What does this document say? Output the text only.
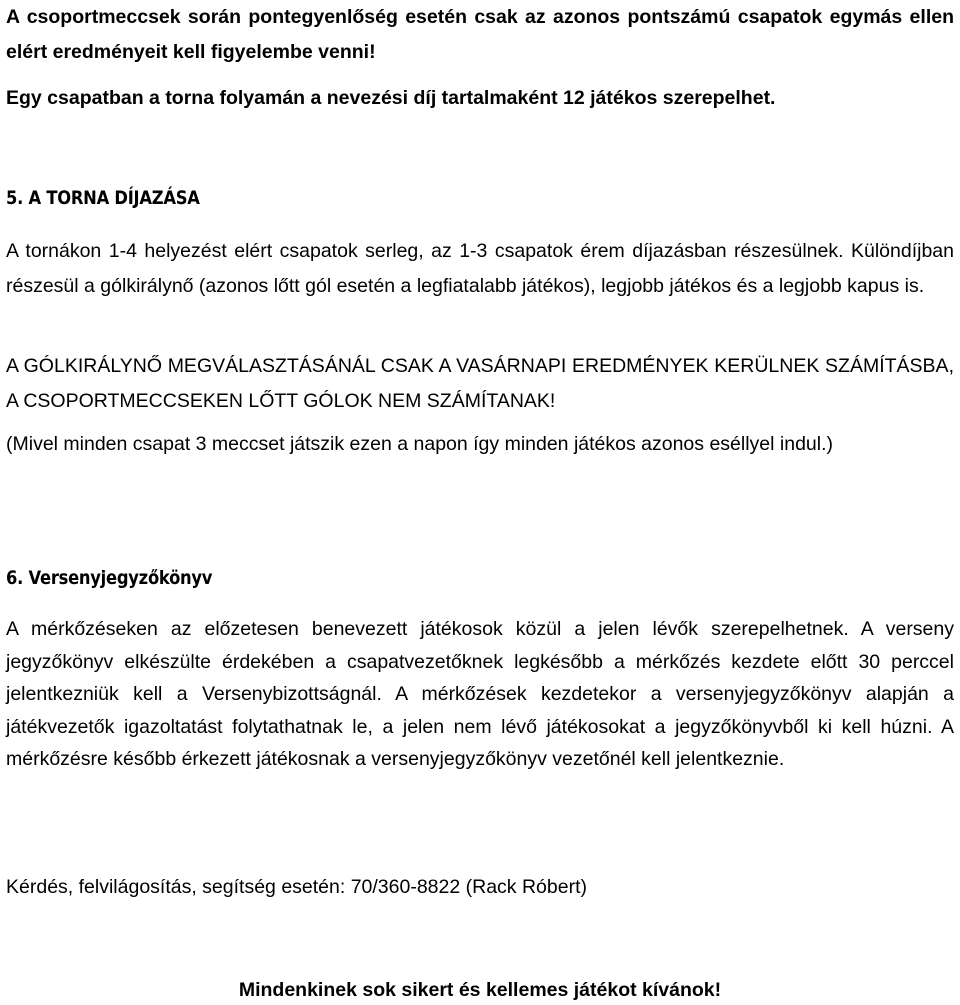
A csoportmeccsek során pontegyenlőség esetén csak az azonos pontszámú csapatok egymás ellen elért eredményeit kell figyelembe venni!

Egy csapatban a torna folyamán a nevezési díj tartalmaként 12 játékos szerepelhet.

5. A TORNA DÍJAZÁSA

A tornákon 1-4 helyezést elért csapatok serleg, az 1-3 csapatok érem díjazásban részesülnek. Különdíjban részesül a gólkirálynő (azonos lőtt gól esetén a legfiatalabb játékos), legjobb játékos és a legjobb kapus is.

A GÓLKIRÁLYNŐ MEGVÁLASZTÁSÁNÁL CSAK A VASÁRNAPI EREDMÉNYEK KERÜLNEK SZÁMÍTÁSBA, A CSOPORTMECCSEKEN LŐTT GÓLOK NEM SZÁMÍTANAK!

(Mivel minden csapat 3 meccset játszik ezen a napon így minden játékos azonos eséllyel indul.)

6. Versenyjegyzőkönyv

A mérkőzéseken az előzetesen benevezett játékosok közül a jelen lévők szerepelhetnek. A verseny jegyzőkönyv elkészülte érdekében a csapatvezetőknek legkésőbb a mérkőzés kezdete előtt 30 perccel jelentkezniük kell a Versenybizottságnál. A mérkőzések kezdetekor a versenyjegyzőkönyv alapján a játékvezetők igazoltatást folytathatnak le, a jelen nem lévő játékosokat a jegyzőkönyvből ki kell húzni. A mérkőzésre később érkezett játékosnak a versenyjegyzőkönyv vezetőnél kell jelentkeznie.

Kérdés, felvilágosítás, segítség esetén: 70/360-8822 (Rack Róbert)

Mindenkinek sok sikert és kellemes játékot kívánok!
